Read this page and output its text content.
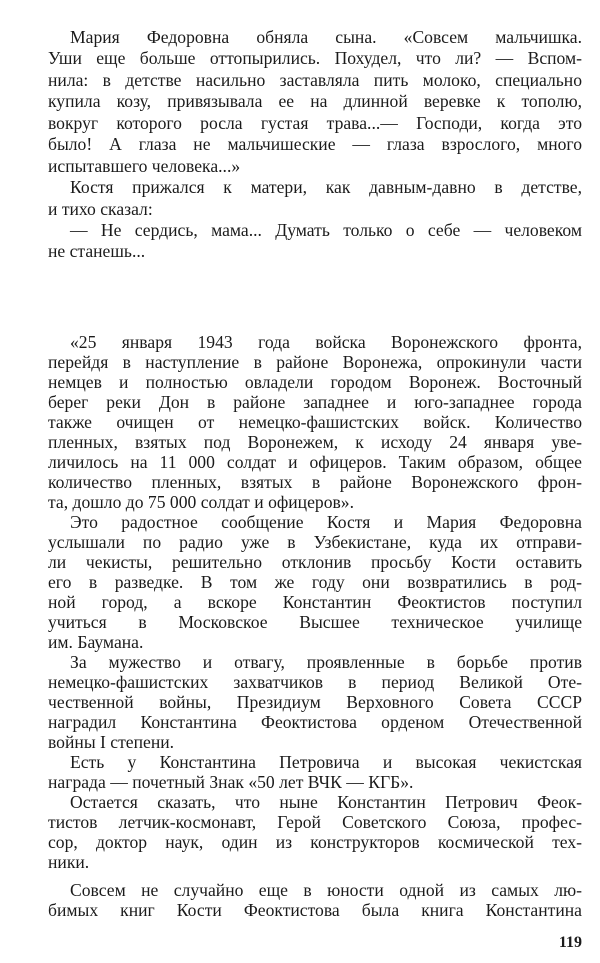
Мария Федоровна обняла сына. «Совсем мальчишка.
Уши еще больше оттопырились. Похудел, что ли? — Вспом-
нила: в детстве насильно заставляла пить молоко, специально
купила козу, привязывала ее на длинной веревке к тополю,
вокруг которого росла густая трава...— Господи, когда это
было! А глаза не мальчишеские — глаза взрослого, много
испытавшего человека...»
Костя прижался к матери, как давным-давно в детстве,
и тихо сказал:
— Не сердись, мама... Думать только о себе — человеком
не станешь...
«25 января 1943 года войска Воронежского фронта,
перейдя в наступление в районе Воронежа, опрокинули части
немцев и полностью овладели городом Воронеж. Восточный
берег реки Дон в районе западнее и юго-западнее города
также очищен от немецко-фашистских войск. Количество
пленных, взятых под Воронежем, к исходу 24 января уве-
личилось на 11 000 солдат и офицеров. Таким образом, общее
количество пленных, взятых в районе Воронежского фрон-
та, дошло до 75 000 солдат и офицеров».
Это радостное сообщение Костя и Мария Федоровна
услышали по радио уже в Узбекистане, куда их отправи-
ли чекисты, решительно отклонив просьбу Кости оставить
его в разведке. В том же году они возвратились в род-
ной город, а вскоре Константин Феоктистов поступил
учиться в Московское Высшее техническое училище
им. Баумана.
За мужество и отвагу, проявленные в борьбе против
немецко-фашистских захватчиков в период Великой Оте-
чественной войны, Президиум Верховного Совета СССР
наградил Константина Феоктистова орденом Отечественной
войны I степени.
Есть у Константина Петровича и высокая чекистская
награда — почетный Знак «50 лет ВЧК — КГБ».
Остается сказать, что ныне Константин Петрович Феок-
тистов летчик-космонавт, Герой Советского Союза, профес-
сор, доктор наук, один из конструкторов космической тех-
ники.
Совсем не случайно еще в юности одной из самых лю-
бимых книг Кости Феоктистова была книга Константина
119
